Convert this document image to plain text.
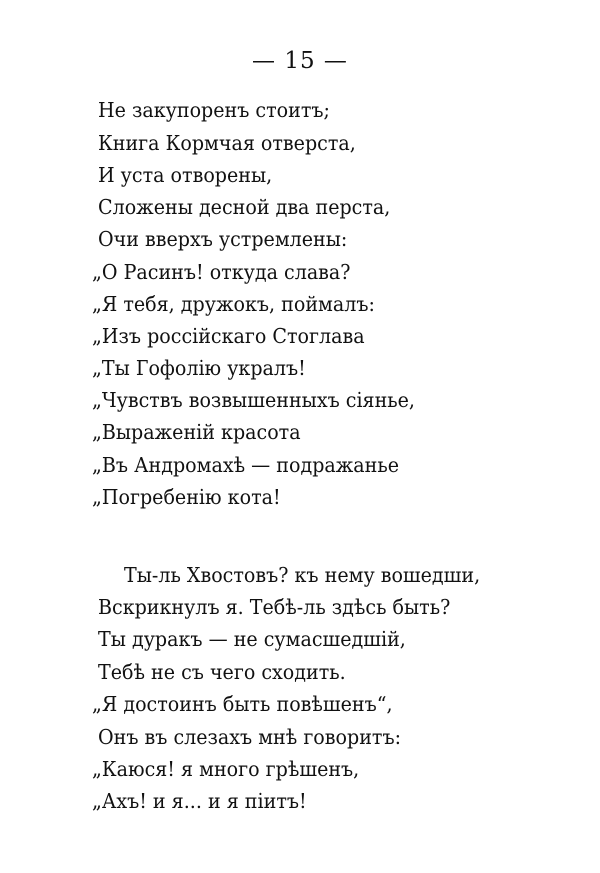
— 15 —
Не закупоренъ стоитъ;
Книга Кормчая отверста,
И уста отворены,
Сложены десной два перста,
Очи вверхъ устремлены:
„О Расинъ! откуда слава?
„Я тебя, дружокъ, поймалъ:
„Изъ россійскаго Стоглава
„Ты Гофолію укралъ!
„Чувствъ возвышенныхъ сіянье,
„Выраженій красота
„Въ Андромахѣ — подражанье
„Погребенію кота!
Ты-ль Хвостовъ? къ нему вошедши,
Вскрикнулъ я. Тебѣ-ль здѣсь быть?
Ты дуракъ — не сумасшедшій,
Тебѣ не съ чего сходить.
„Я достоинъ быть повѣшенъ“,
Онъ въ слезахъ мнѣ говоритъ:
„Каюся! я много грѣшенъ,
„Ахъ! и я... и я піитъ!
